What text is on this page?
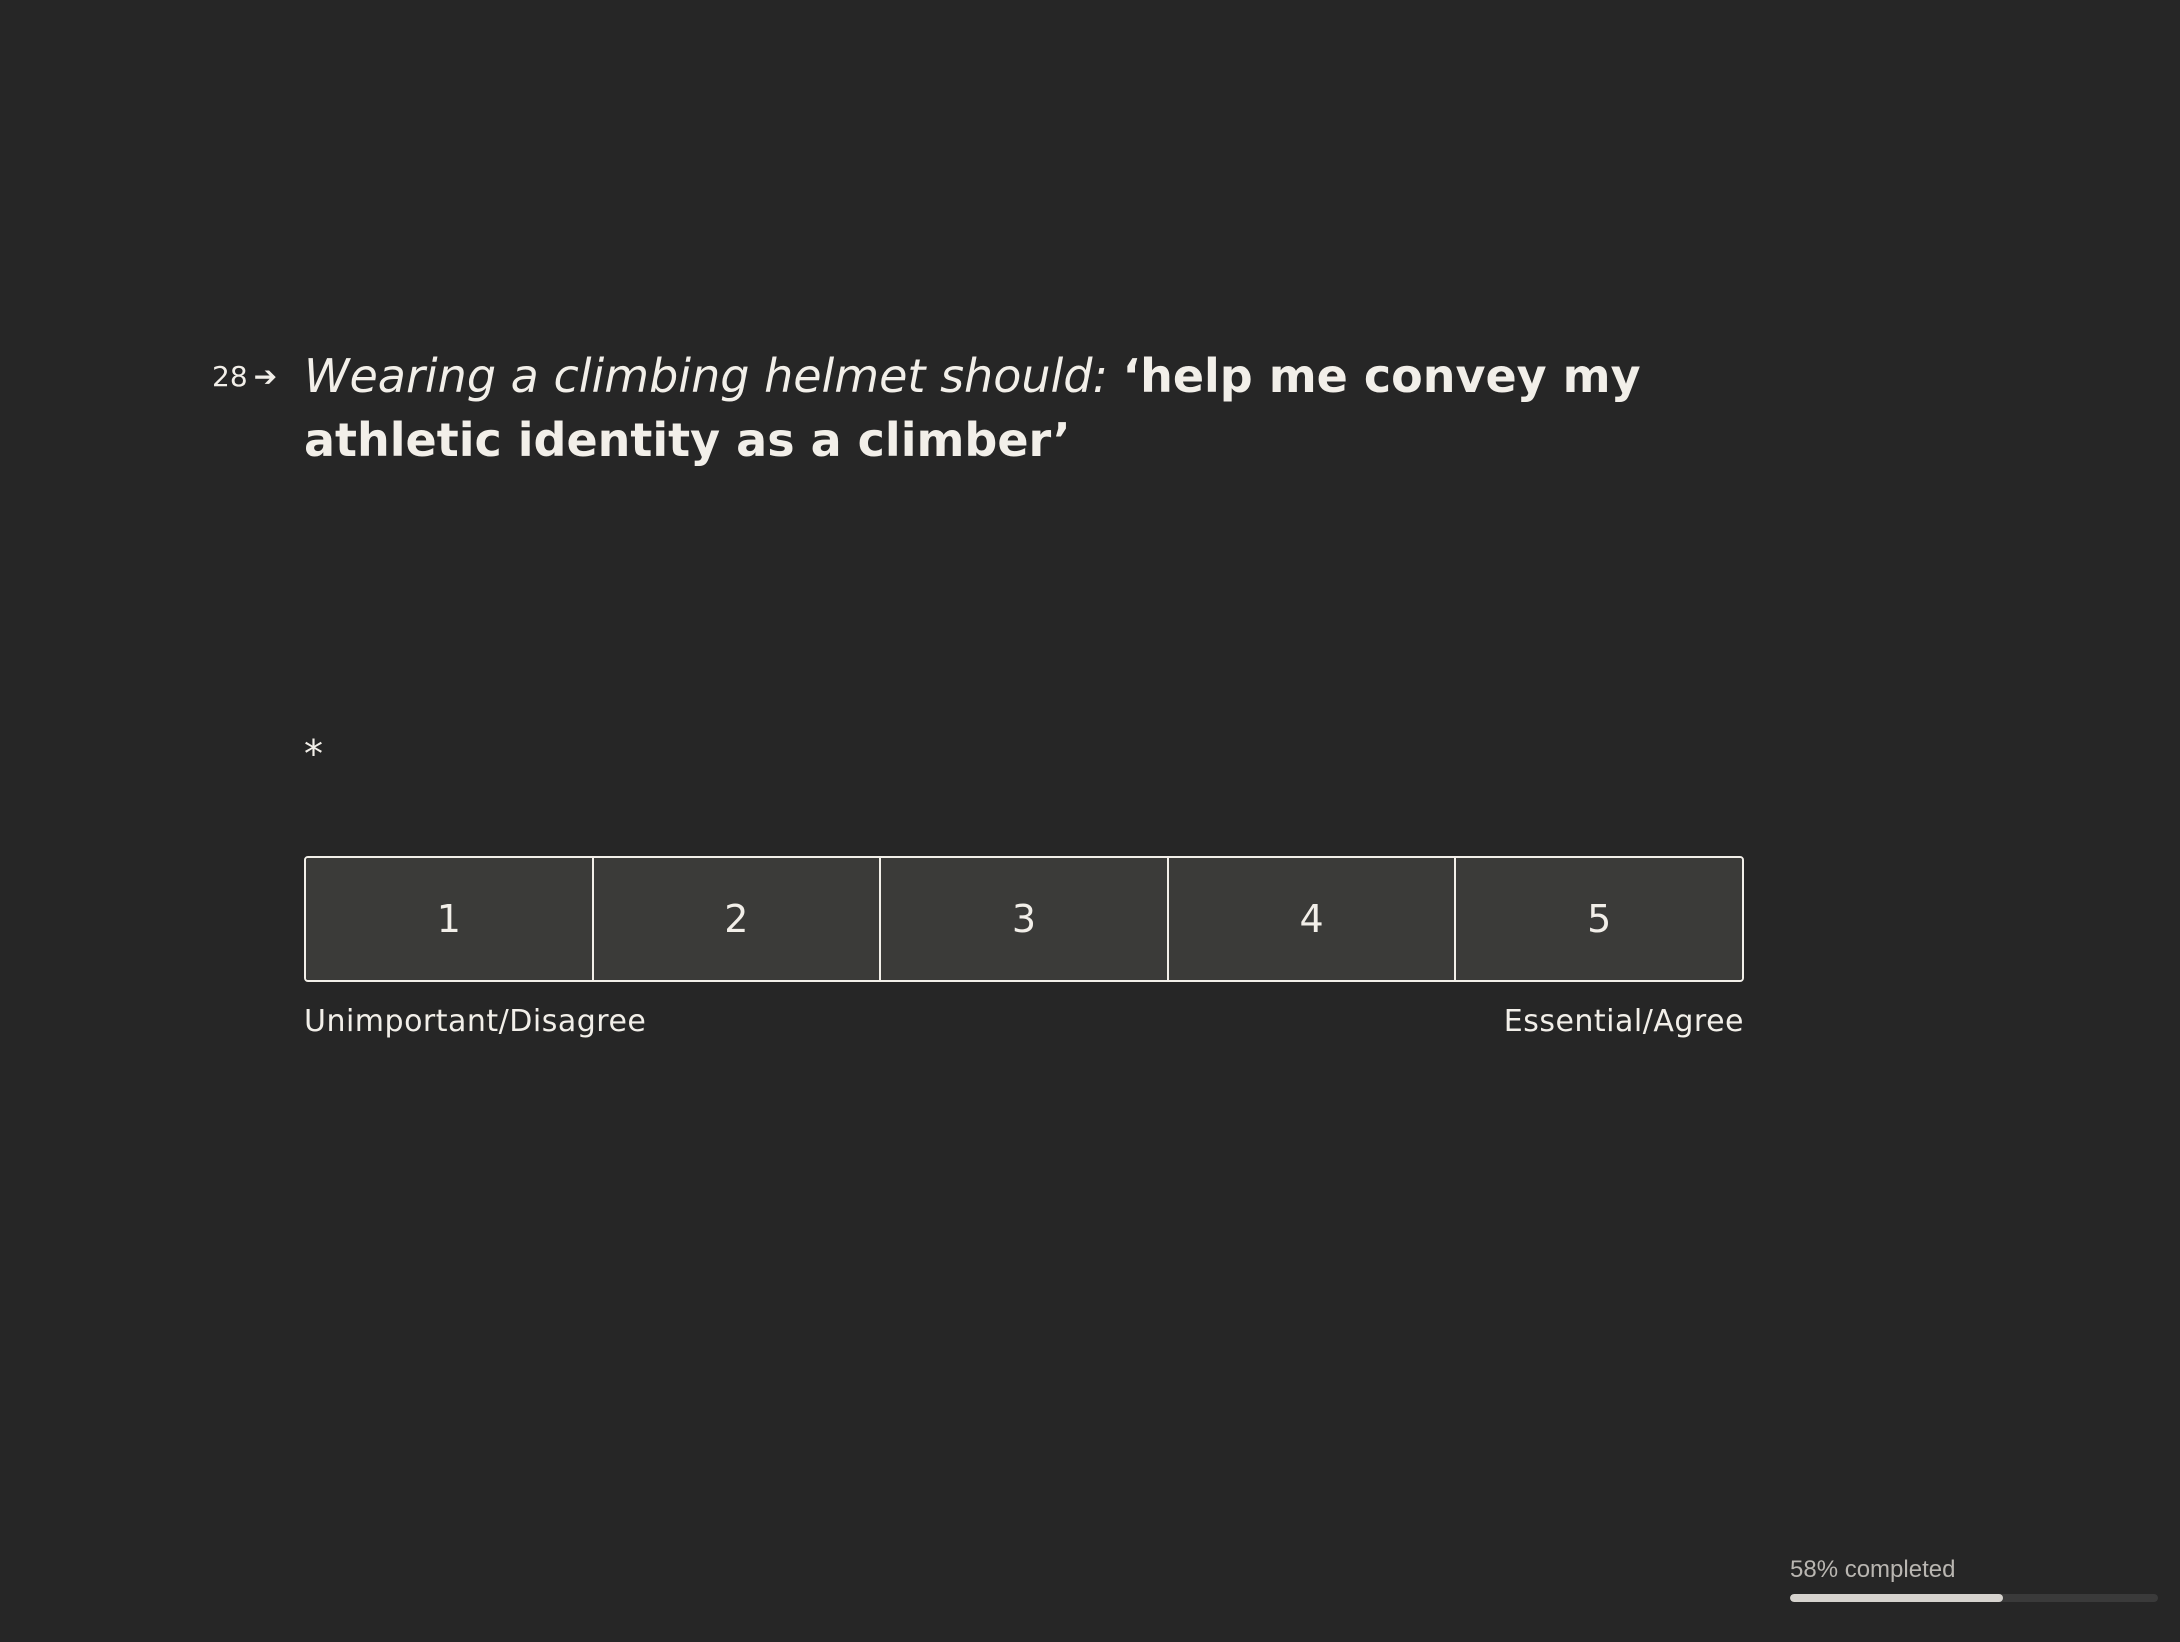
28 ➔ Wearing a climbing helmet should: ‘help me convey my athletic identity as a climber’
*
1	2	3	4	5
Unimportant/Disagree	Essential/Agree
58% completed
